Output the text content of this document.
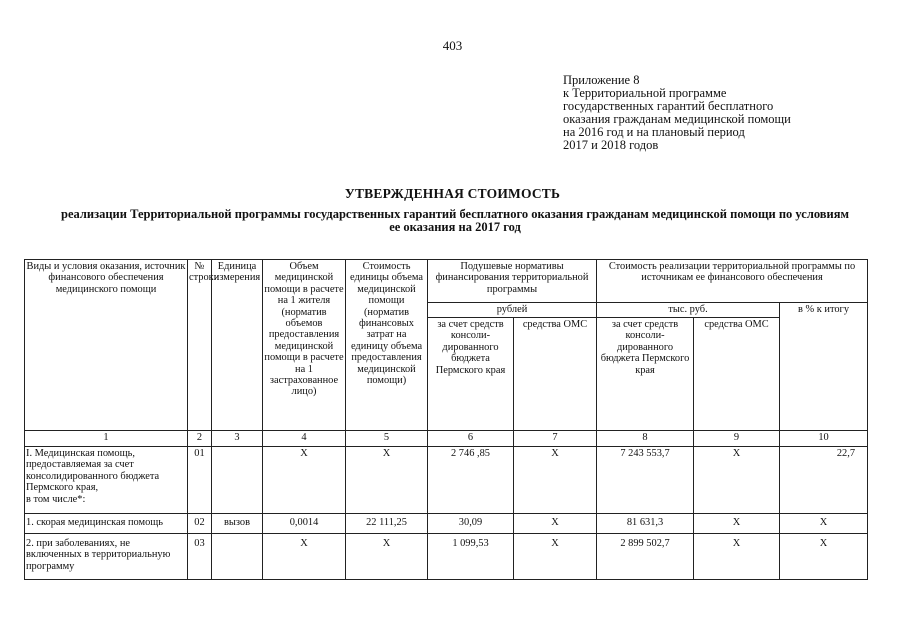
403
Приложение 8
к Территориальной программе
государственных гарантий бесплатного
оказания гражданам медицинской помощи
на 2016 год и на плановый период
2017 и 2018 годов
УТВЕРЖДЕННАЯ СТОИМОСТЬ
реализации Территориальной программы государственных гарантий бесплатного оказания гражданам медицинской помощи по условиям ее оказания на 2017 год
Виды и условия оказания, источник финансового обеспечения медицинского помощи	№ строки	Единица измерения	Объем медицинской помощи в расчете на 1 жителя (норматив объемов предоставления медицинской помощи в расчете на 1 застрахованное лицо)	Стоимость единицы объема медицинской помощи (норматив финансовых затрат на единицу объема предоставления медицинской помощи)	Подушевые нормативы финансирования территориальной программы		Стоимость реализации территориальной программы по источникам ее финансового обеспечения		
					рублей		тыс. руб.		в % к итогу
					за счет средств консоли-дированного бюджета Пермского края	средства ОМС	за счет средств консоли-дированного бюджета Пермского края	средства ОМС	
1	2	3	4	5	6	7	8	9	10

I. Медицинская помощь, предоставляемая за счет консолидированного бюджета Пермского края,
в том числе*:	01		X	X	2 746 ,85	X	7 243 553,7	X	22,7
1. скорая медицинская помощь	02	вызов	0,0014	22 111,25	30,09	X	81 631,3	X	X
2. при заболеваниях, не включенных в территориальную программу	03		X	X	1 099,53	X	2 899 502,7	X	X
